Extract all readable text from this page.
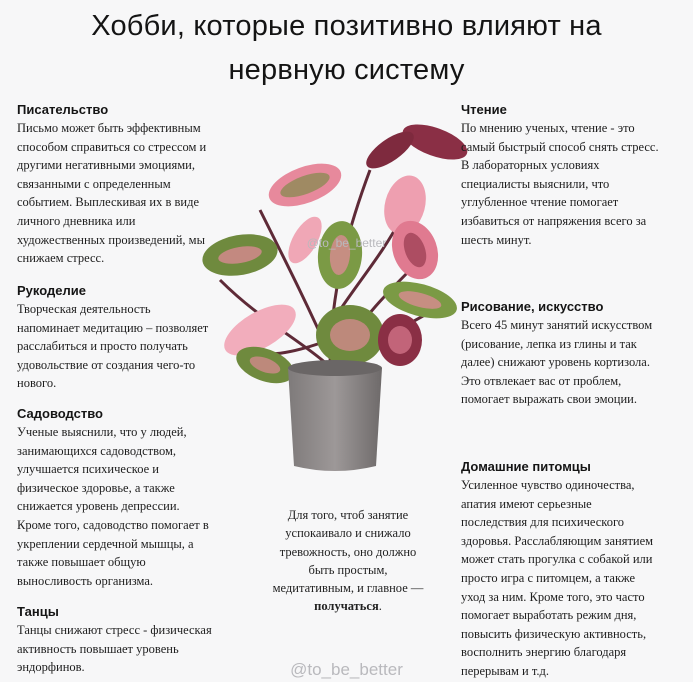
Хобби, которые позитивно влияют на
нервную систему
@to_be_better
Писательство

Письмо может быть эффективным
способом справиться со стрессом и
другими негативными эмоциями,
связанными с определенным
событием. Выплескивая их в виде
личного дневника или
художественных произведений, мы
снижаем стресс.

Рукоделие

Творческая деятельность
напоминает медитацию – позволяет
расслабиться и просто получать
удовольствие от создания чего-то
нового.

Садоводство

Ученые выяснили, что у людей,
занимающихся садоводством,
улучшается психическое и
физическое здоровье, а также
снижается уровень депрессии.
Кроме того, садоводство помогает в
укреплении сердечной мышцы, а
также повышает общую
выносливость организма.

Танцы

Танцы снижают стресс - физическая
активность повышает уровень
эндорфинов.

Чтение

По мнению ученых, чтение - это
самый быстрый способ снять стресс.
В лабораторных условиях
специалисты выяснили, что
углубленное чтение помогает
избавиться от напряжения всего за
шесть минут.

Рисование, искусство

Всего 45 минут занятий искусством
(рисование, лепка из глины и так
далее) снижают уровень кортизола.
Это отвлекает вас от проблем,
помогает выражать свои эмоции.

Домашние питомцы

Усиленное чувство одиночества,
апатия имеют серьезные
последствия для психического
здоровья. Расслабляющим занятием
может стать прогулка с собакой или
просто игра с питомцем, а также
уход за ним. Кроме того, это часто
помогает выработать режим дня,
повысить физическую активность,
восполнить энергию благодаря
перерывам и т.д.

Для того, чтоб занятие
успокаивало и снижало
тревожность, оно должно
быть простым,
медитативным, и главное —
получаться.
@to_be_better
